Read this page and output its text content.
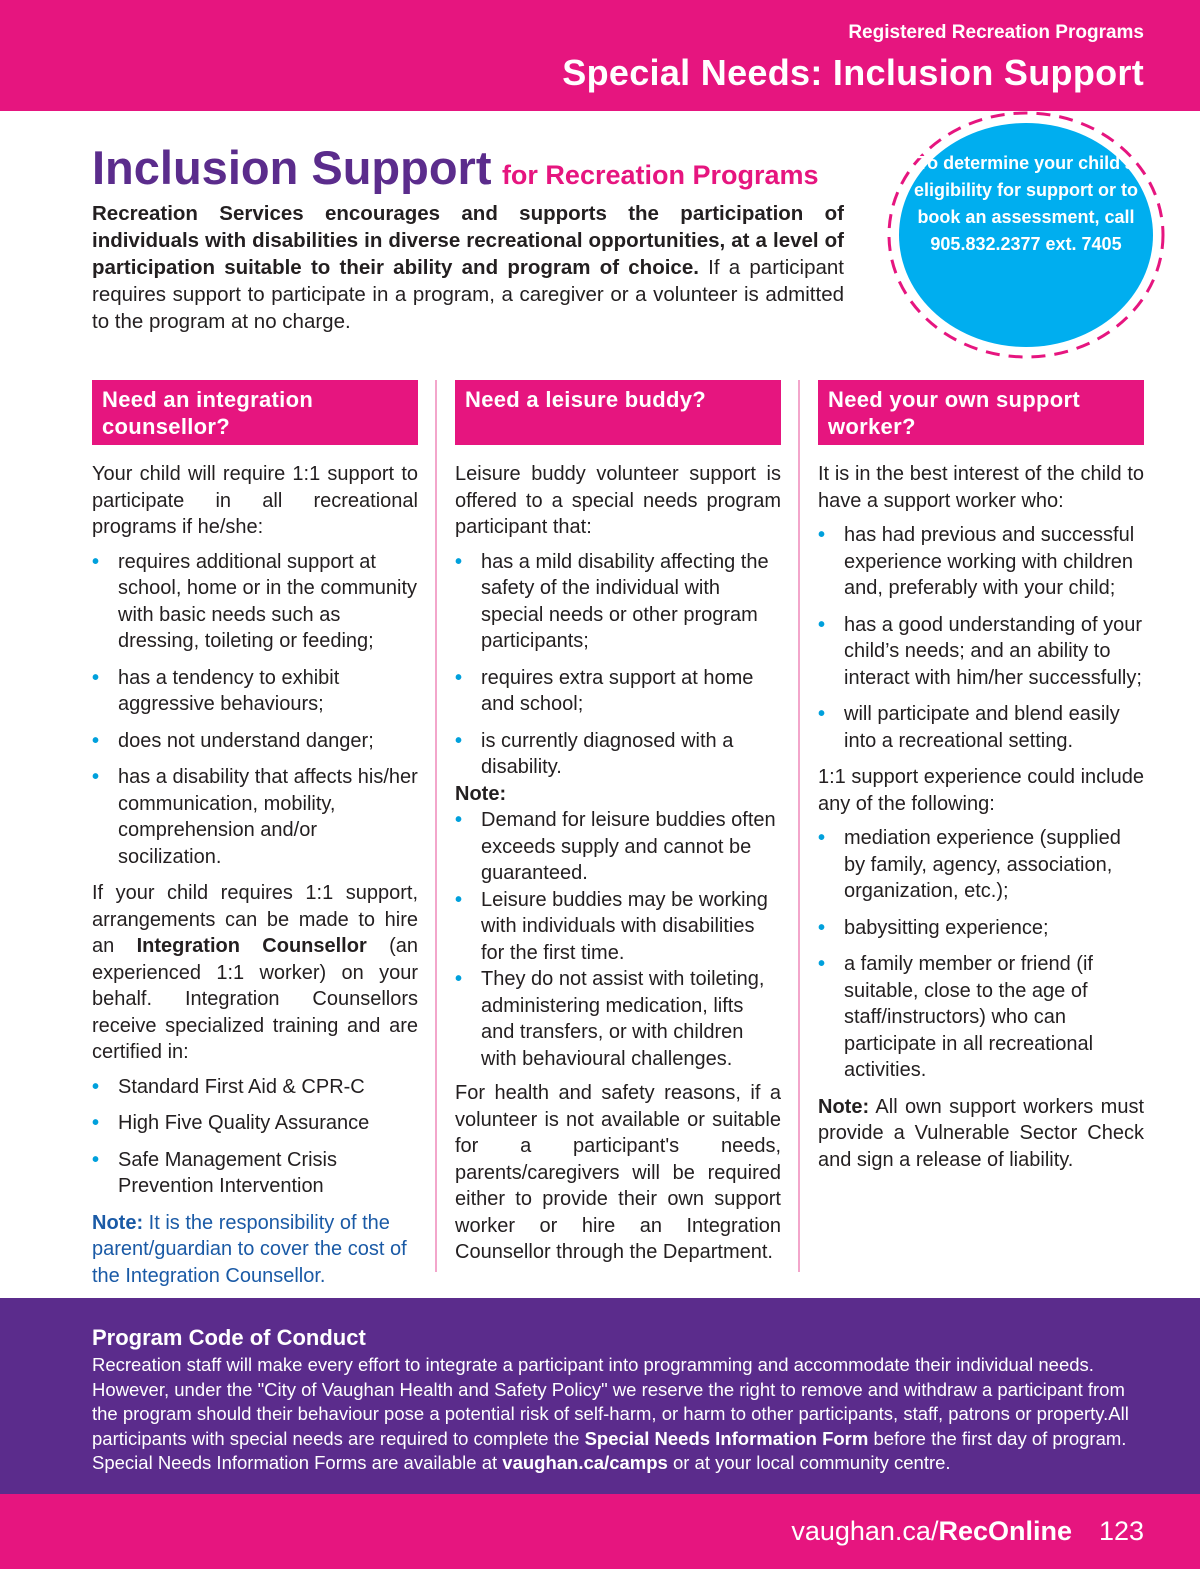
Registered Recreation Programs
Special Needs: Inclusion Support
Inclusion Support for Recreation Programs
Recreation Services encourages and supports the participation of individuals with disabilities in diverse recreational opportunities, at a level of participation suitable to their ability and program of choice. If a participant requires support to participate in a program, a caregiver or a volunteer is admitted to the program at no charge.
To determine your child’s eligibility for support or to book an assessment, call 905.832.2377 ext. 7405
Need an integration counsellor?

Your child will require 1:1 support to participate in all recreational programs if he/she:

• requires additional support at school, home or in the community with basic needs such as dressing, toileting or feeding;
• has a tendency to exhibit aggressive behaviours;
• does not understand danger;
• has a disability that affects his/her communication, mobility, comprehension and/or socilization.

If your child requires 1:1 support, arrangements can be made to hire an Integration Counsellor (an experienced 1:1 worker) on your behalf. Integration Counsellors receive specialized training and are certified in:

• Standard First Aid & CPR-C
• High Five Quality Assurance
• Safe Management Crisis Prevention Intervention

Note: It is the responsibility of the parent/guardian to cover the cost of the Integration Counsellor.

Need a leisure buddy?

Leisure buddy volunteer support is offered to a special needs program participant that:

• has a mild disability affecting the safety of the individual with special needs or other program participants;
• requires extra support at home and school;
• is currently diagnosed with a disability.

Note:

• Demand for leisure buddies often exceeds supply and cannot be guaranteed.
• Leisure buddies may be working with individuals with disabilities for the first time.
• They do not assist with toileting, administering medication, lifts and transfers, or with children with behavioural challenges.

For health and safety reasons, if a volunteer is not available or suitable for a participant's needs, parents/caregivers will be required either to provide their own support worker or hire an Integration Counsellor through the Department.

Need your own support worker?

It is in the best interest of the child to have a support worker who:

• has had previous and successful experience working with children and, preferably with your child;
• has a good understanding of your child’s needs; and an ability to interact with him/her successfully;
• will participate and blend easily into a recreational setting.

1:1 support experience could include any of the following:

• mediation experience (supplied by family, agency, association, organization, etc.);
• babysitting experience;
• a family member or friend (if suitable, close to the age of staff/instructors) who can participate in all recreational activities.

Note: All own support workers must provide a Vulnerable Sector Check and sign a release of liability.

Program Code of Conduct

Recreation staff will make every effort to integrate a participant into programming and accommodate their individual needs. However, under the "City of Vaughan Health and Safety Policy" we reserve the right to remove and withdraw a participant from the program should their behaviour pose a potential risk of self-harm, or harm to other participants, staff, patrons or property.All participants with special needs are required to complete the Special Needs Information Form before the first day of program. Special Needs Information Forms are available at vaughan.ca/camps or at your local community centre.

vaughan.ca/RecOnline 123
